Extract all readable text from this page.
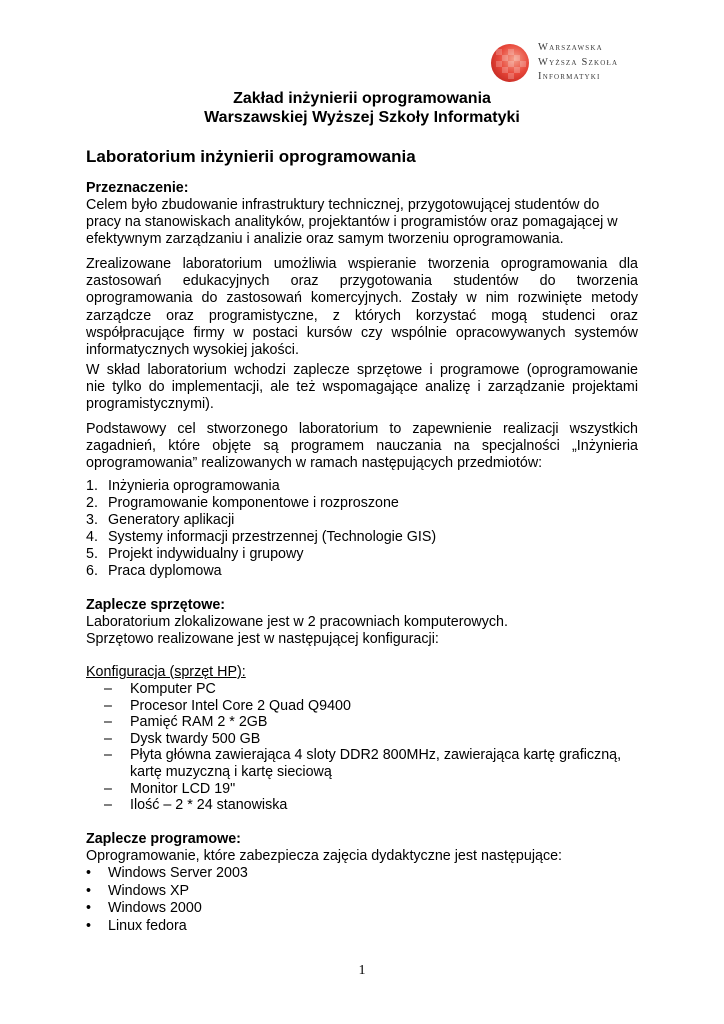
Warszawska
Wyższa Szkoła
Informatyki
Zakład inżynierii oprogramowania
Warszawskiej Wyższej Szkoły Informatyki
Laboratorium inżynierii oprogramowania
Przeznaczenie:
Celem było zbudowanie infrastruktury technicznej, przygotowującej studentów do
pracy na stanowiskach analityków, projektantów i programistów oraz pomagającej w
efektywnym zarządzaniu i analizie oraz samym tworzeniu oprogramowania.
Zrealizowane laboratorium umożliwia wspieranie tworzenia oprogramowania dla
zastosowań edukacyjnych oraz przygotowania studentów do tworzenia
oprogramowania do zastosowań komercyjnych. Zostały w nim rozwinięte metody
zarządcze oraz programistyczne, z których korzystać mogą studenci oraz
współpracujące firmy w postaci kursów czy wspólnie opracowywanych systemów
informatycznych wysokiej jakości.
W skład laboratorium wchodzi zaplecze sprzętowe i programowe (oprogramowanie
nie tylko do implementacji, ale też wspomagające analizę i zarządzanie projektami
programistycznymi).
Podstawowy cel stworzonego laboratorium to zapewnienie realizacji wszystkich
zagadnień, które objęte są programem nauczania na specjalności „Inżynieria
oprogramowania” realizowanych w ramach następujących przedmiotów:
1. Inżynieria oprogramowania
2. Programowanie komponentowe i rozproszone
3. Generatory aplikacji
4. Systemy informacji przestrzennej (Technologie GIS)
5. Projekt indywidualny i grupowy
6. Praca dyplomowa
Zaplecze sprzętowe:
Laboratorium zlokalizowane jest w 2 pracowniach komputerowych.
Sprzętowo realizowane jest w następującej konfiguracji:
Konfiguracja (sprzęt HP):
–	Komputer PC
–	Procesor Intel Core 2 Quad Q9400
–	Pamięć RAM 2 * 2GB
–	Dysk twardy 500 GB
–	Płyta główna zawierająca 4 sloty DDR2 800MHz, zawierająca kartę graficzną, kartę muzyczną i kartę sieciową
–	Monitor LCD 19"
–	Ilość – 2 * 24 stanowiska
Zaplecze programowe:
Oprogramowanie, które zabezpiecza zajęcia dydaktyczne jest następujące:
•	Windows Server 2003
•	Windows XP
•	Windows 2000
•	Linux fedora
1
